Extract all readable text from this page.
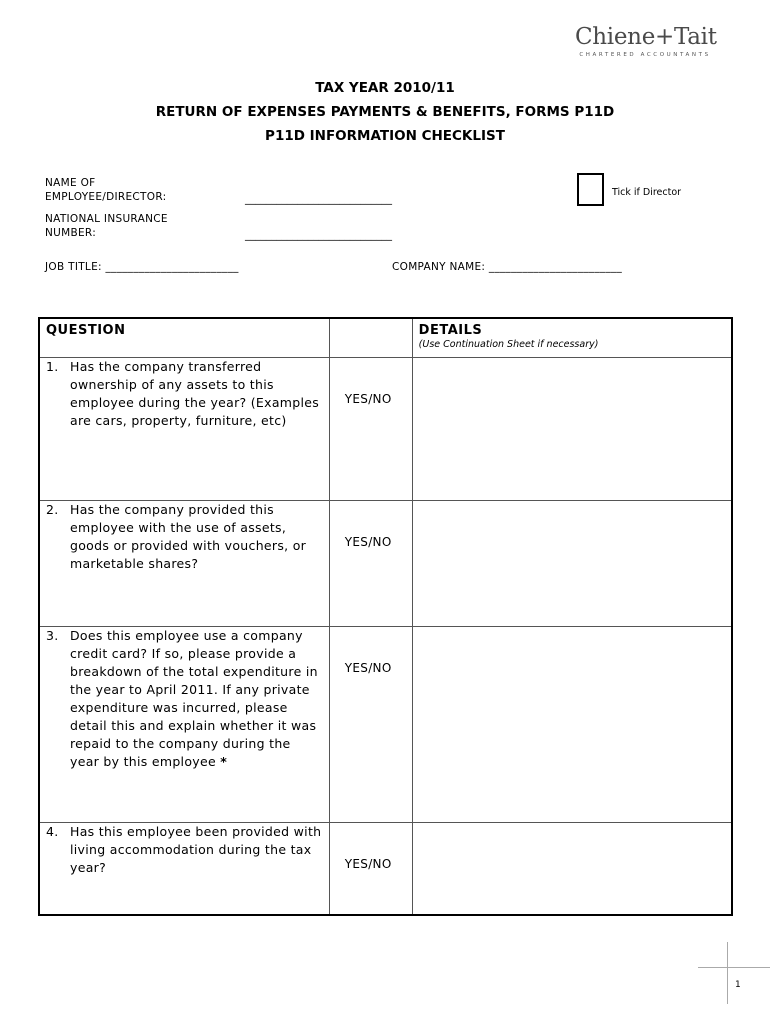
Chiene+Tait
CHARTERED ACCOUNTANTS
TAX YEAR 2010/11
RETURN OF EXPENSES PAYMENTS & BENEFITS, FORMS P11D
P11D INFORMATION CHECKLIST
NAME OF
EMPLOYEE/DIRECTOR:	____________________________
NATIONAL INSURANCE
NUMBER:	____________________________
JOB TITLE: ________________________	COMPANY NAME: ________________________
Tick if Director
QUESTION		DETAILS
(Use Continuation Sheet if necessary)

1. Has the company transferred ownership of any assets to this employee during the year? (Examples are cars, property, furniture, etc)	YES/NO	

2. Has the company provided this employee with the use of assets, goods or provided with vouchers, or marketable shares?	YES/NO	

3. Does this employee use a company credit card? If so, please provide a breakdown of the total expenditure in the year to April 2011. If any private expenditure was incurred, please detail this and explain whether it was repaid to the company during the year by this employee *	YES/NO	

4. Has this employee been provided with living accommodation during the tax year?	YES/NO	

1
